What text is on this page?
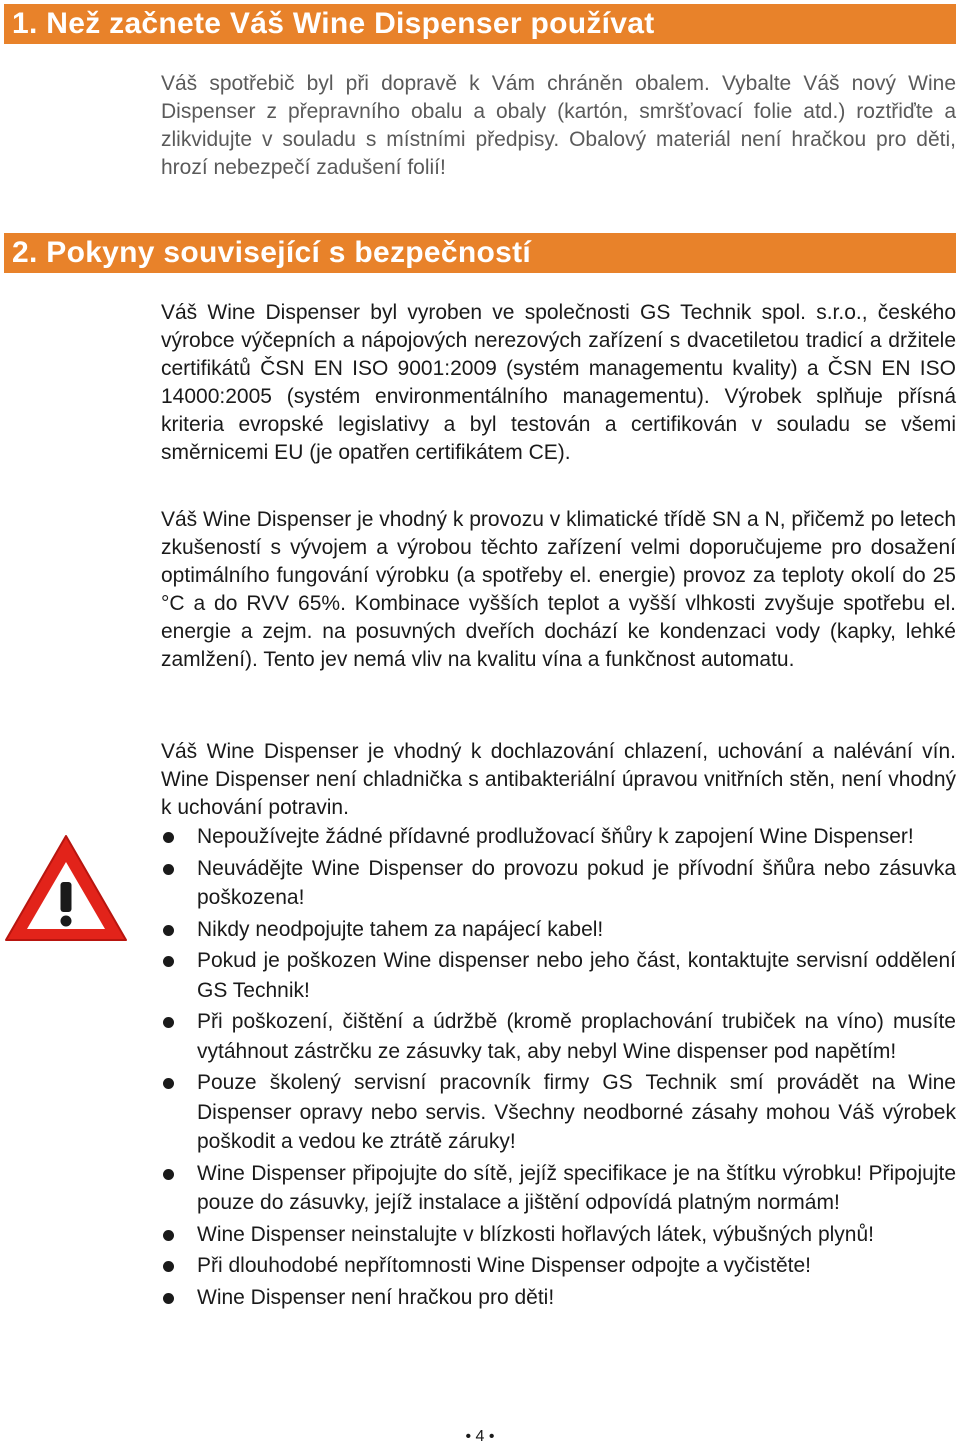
1. Než začnete Váš Wine Dispenser používat

Váš spotřebič byl při dopravě k Vám chráněn obalem. Vybalte Váš nový Wine Dispenser z přepravního obalu a obaly (kartón, smršťovací folie atd.) roztřiďte a zlikvidujte v souladu s místními předpisy. Obalový materiál není hračkou pro děti, hrozí nebezpečí zadušení folií!

2. Pokyny související s bezpečností

Váš Wine Dispenser byl vyroben ve společnosti GS Technik spol. s.r.o., českého výrobce výčepních a nápojových nerezových zařízení s dvacetiletou tradicí a držitele certifikátů ČSN EN ISO 9001:2009 (systém managementu kvality) a ČSN EN ISO 14000:2005 (systém environmentálního managementu). Výrobek splňuje přísná kriteria evropské legislativy a byl testován a certifikován v souladu se všemi směrnicemi EU (je opatřen certifikátem CE).

Váš Wine Dispenser je vhodný k provozu v klimatické třídě SN a N, přičemž po letech zkušeností s vývojem a výrobou těchto zařízení velmi doporučujeme pro dosažení optimálního fungování výrobku (a spotřeby el. energie) provoz za teploty okolí do 25 °C a do RVV 65%. Kombinace vyšších teplot a vyšší vlhkosti zvyšuje spotřebu el. energie a zejm. na posuvných dveřích dochází ke kondenzaci vody (kapky, lehké zamlžení). Tento jev nemá vliv na kvalitu vína a funkčnost automatu.

Váš Wine Dispenser je vhodný k dochlazování chlazení, uchování a nalévání vín. Wine Dispenser není chladnička s antibakteriální úpravou vnitřních stěn, není vhodný k uchování potravin.

Nepoužívejte žádné přídavné prodlužovací šňůry k zapojení Wine Dispenser!
Neuvádějte Wine Dispenser do provozu pokud je přívodní šňůra nebo zásuvka poškozena!
Nikdy neodpojujte tahem za napájecí kabel!
Pokud je poškozen Wine dispenser nebo jeho část, kontaktujte servisní oddělení GS Technik!
Při poškození, čištění a údržbě (kromě proplachování trubiček na víno) musíte vytáhnout zástrčku ze zásuvky tak, aby nebyl Wine dispenser pod napětím!
Pouze školený servisní pracovník firmy GS Technik smí provádět na Wine Dispenser opravy nebo servis. Všechny neodborné zásahy mohou Váš výrobek poškodit a vedou ke ztrátě záruky!
Wine Dispenser připojujte do sítě, jejíž specifikace je na štítku výrobku! Připojujte pouze do zásuvky, jejíž instalace a jištění odpovídá platným normám!
Wine Dispenser neinstalujte v blízkosti hořlavých látek, výbušných plynů!
Při dlouhodobé nepřítomnosti Wine Dispenser odpojte a vyčistěte!
Wine Dispenser není hračkou pro děti!
• 4 •
